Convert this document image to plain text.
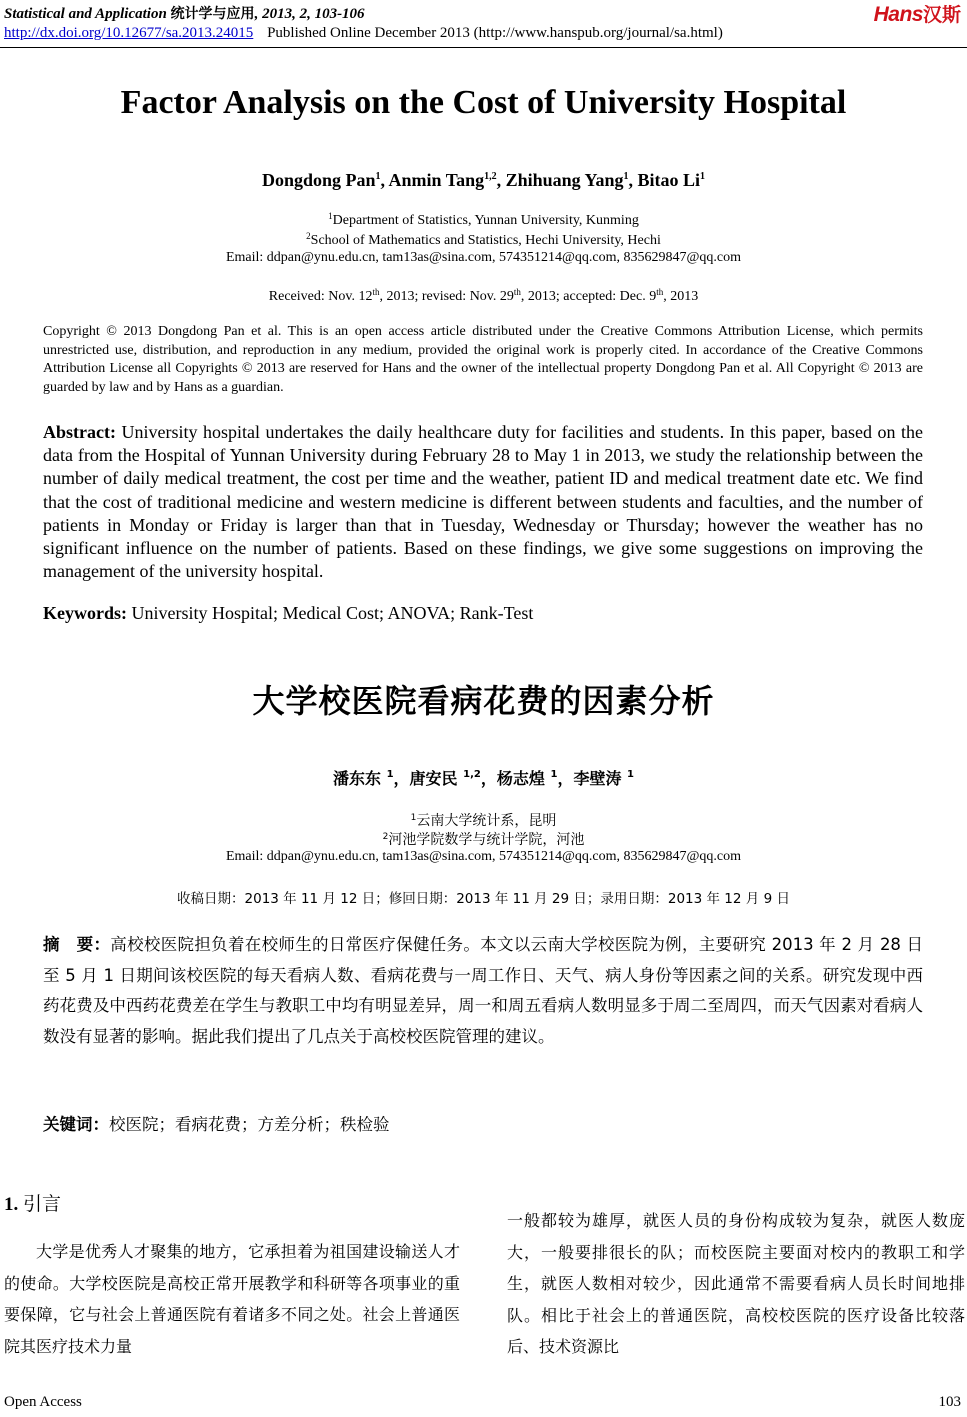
Statistical and Application 统计学与应用, 2013, 2, 103-106
http://dx.doi.org/10.12677/sa.2013.24015 Published Online December 2013 (http://www.hanspub.org/journal/sa.html)
Hans汉斯
Factor Analysis on the Cost of University Hospital
Dongdong Pan$^1$, Anmin Tang$^{1,2}$, Zhihuang Yang$^1$, Bitao Li$^1$
$^1$Department of Statistics, Yunnan University, Kunming
$^2$School of Mathematics and Statistics, Hechi University, Hechi
Email: ddpan@ynu.edu.cn, tam13as@sina.com, 574351214@qq.com, 835629847@qq.com
Received: Nov. 12th, 2013; revised: Nov. 29th, 2013; accepted: Dec. 9th, 2013
Copyright © 2013 Dongdong Pan et al. This is an open access article distributed under the Creative Commons Attribution License, which permits unrestricted use, distribution, and reproduction in any medium, provided the original work is properly cited. In accordance of the Creative Commons Attribution License all Copyrights © 2013 are reserved for Hans and the owner of the intellectual property Dongdong Pan et al. All Copyright © 2013 are guarded by law and by Hans as a guardian.
Abstract: University hospital undertakes the daily healthcare duty for facilities and students. In this paper, based on the data from the Hospital of Yunnan University during February 28 to May 1 in 2013, we study the relationship between the number of daily medical treatment, the cost per time and the weather, patient ID and medical treatment date etc. We find that the cost of traditional medicine and western medicine is different between students and faculties, and the number of patients in Monday or Friday is larger than that in Tuesday, Wednesday or Thursday; however the weather has no significant influence on the number of patients. Based on these findings, we give some suggestions on improving the management of the university hospital.
Keywords: University Hospital; Medical Cost; ANOVA; Rank-Test
大学校医院看病花费的因素分析
潘东东 $^1$，唐安民 $^{1,2}$，杨志煌 $^1$，李壁涛 $^1$
$^1$云南大学统计系，昆明
$^2$河池学院数学与统计学院，河池
Email: ddpan@ynu.edu.cn, tam13as@sina.com, 574351214@qq.com, 835629847@qq.com
收稿日期：2013 年 11 月 12 日；修回日期：2013 年 11 月 29 日；录用日期：2013 年 12 月 9 日
摘　要：高校校医院担负着在校师生的日常医疗保健任务。本文以云南大学校医院为例，主要研究 2013 年 2 月 28 日至 5 月 1 日期间该校医院的每天看病人数、看病花费与一周工作日、天气、病人身份等因素之间的关系。研究发现中西药花费及中西药花费差在学生与教职工中均有明显差异，周一和周五看病人数明显多于周二至周四，而天气因素对看病人数没有显著的影响。据此我们提出了几点关于高校校医院管理的建议。
关键词：校医院；看病花费；方差分析；秩检验
1. 引言
大学是优秀人才聚集的地方，它承担着为祖国建设输送人才的使命。大学校医院是高校正常开展教学和科研等各项事业的重要保障，它与社会上普通医院有着诸多不同之处。社会上普通医院其医疗技术力量
一般都较为雄厚，就医人员的身份构成较为复杂，就医人数庞大，一般要排很长的队；而校医院主要面对校内的教职工和学生，就医人数相对较少，因此通常不需要看病人员长时间地排队。相比于社会上的普通医院，高校校医院的医疗设备比较落后、技术资源比
Open Access	103
